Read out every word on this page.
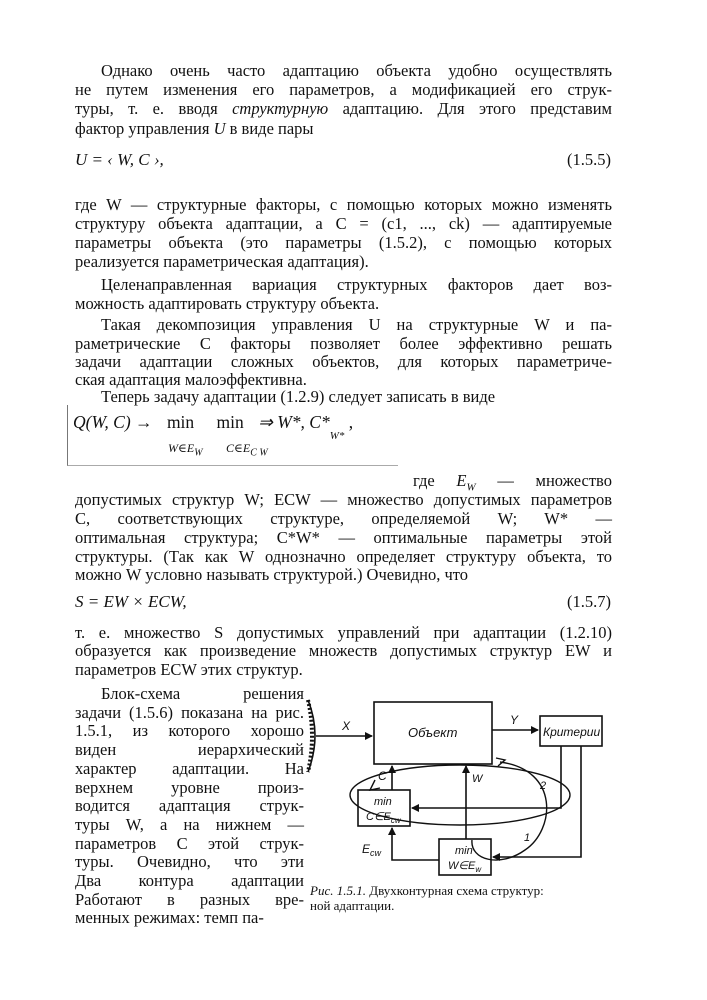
Однако очень часто адаптацию объекта удобно осуществлять
не путем изменения его параметров, а модификацией его струк-
туры, т. е. вводя структурную адаптацию. Для этого представим
фактор управления U в виде пары
U = ‹ W, C ›,	(1.5.5)
где W — структурные факторы, с помощью которых можно изменять
структуру объекта адаптации, а C = (c1, ..., ck) — адаптируемые
параметры объекта (это параметры (1.5.2), с помощью которых
реализуется параметрическая адаптация).
Целенаправленная вариация структурных факторов дает воз-
можность адаптировать структуру объекта.
Такая декомпозиция управления U на структурные W и па-
раметрические C факторы позволяет более эффективно решать
задачи адаптации сложных объектов, для которых параметриче-
ская адаптация малоэффективна.
Теперь задачу адаптации (1.2.9) следует записать в виде
Q(W, C) → min min ⇒ W*, $C*_{W*}$ ,
$W\in E_W$ $C\in E_{C W}$
где $E_W$ — множество
допустимых структур W; ECW — множество допустимых параметров
C, соответствующих структуре, определяемой W; W* —
оптимальная структура; C*W* — оптимальные параметры этой
структуры. (Так как W однозначно определяет структуру объекта, то
можно W условно называть структурой.) Очевидно, что
S = EW × ECW,	(1.5.7)
т. е. множество S допустимых управлений при адаптации (1.2.10)
образуется как произведение множеств допустимых структур EW и
параметров ECW этих структур.
Блок-схема решения
задачи (1.5.6) показана на рис.
1.5.1, из которого хорошо
виден иерархический
характер адаптации. На
верхнем уровне произ-
водится адаптация струк-
туры W, а на нижнем —
параметров C этой струк-
туры. Очевидно, что эти
Два контура адаптации
Работают в разных вре-
менных режимах: темп па-
Объект	Критерии
X	Y
C	W
$E_{cw}$
1
2
min
$C\in E_{cw}$
min
$W\in E_w$
Рис. 1.5.1. Двухконтурная схема структур:
ной адаптации.
